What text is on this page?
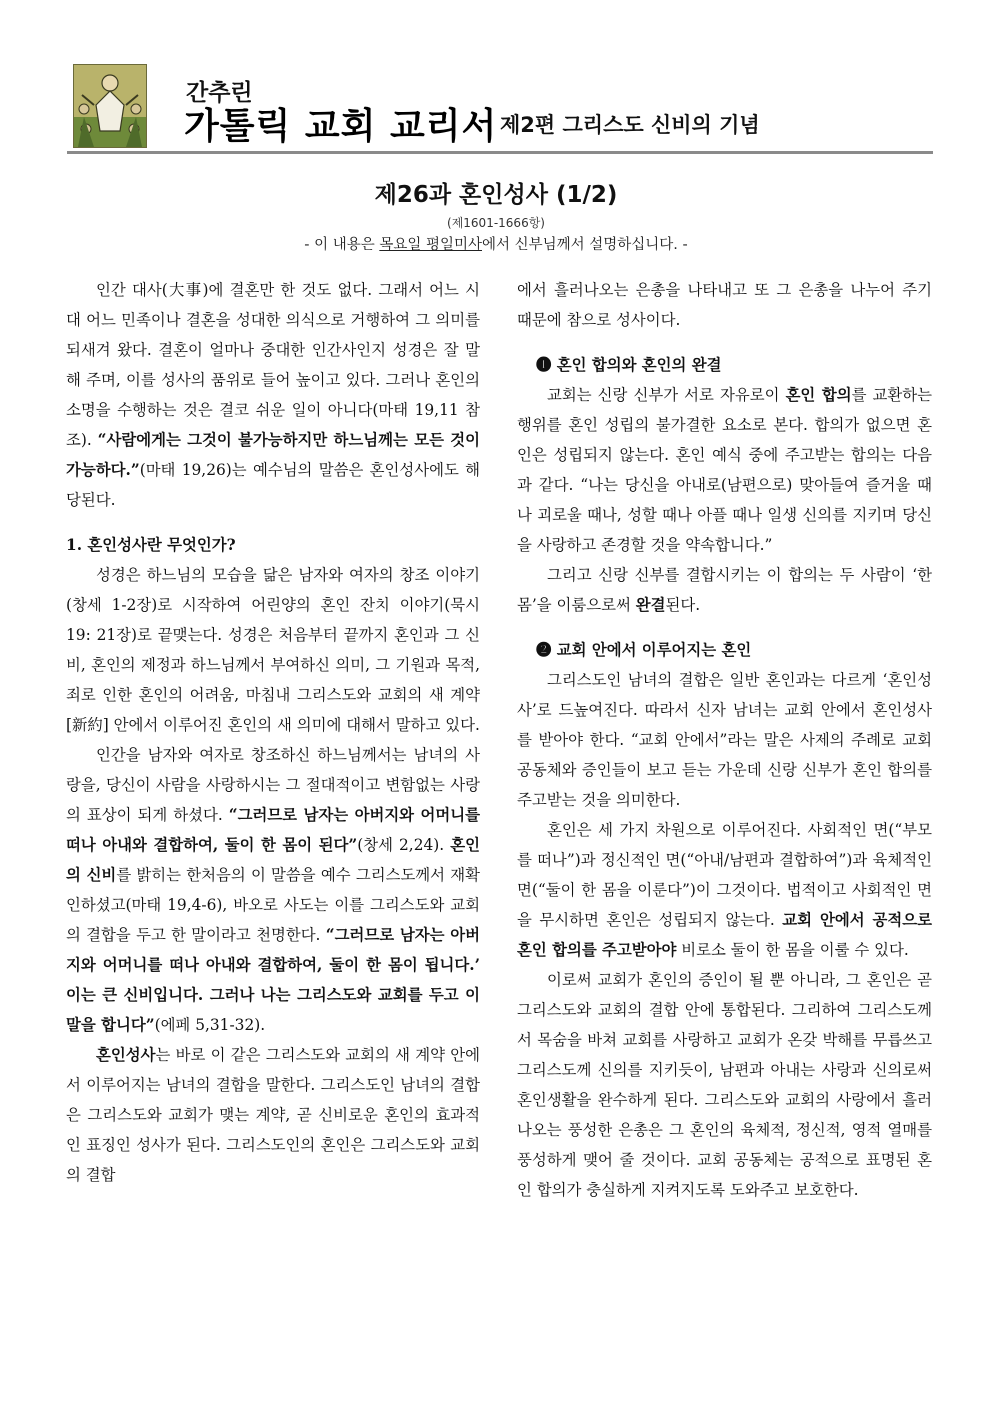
간추린
가톨릭 교회 교리서 제2편 그리스도 신비의 기념
제26과 혼인성사 (1/2)
(제1601-1666항)
- 이 내용은 목요일 평일미사에서 신부님께서 설명하십니다. -

인간 대사(大事)에 결혼만 한 것도 없다. 그래서 어느 시대 어느 민족이나 결혼을 성대한 의식으로 거행하여 그 의미를 되새겨 왔다. 결혼이 얼마나 중대한 인간사인지 성경은 잘 말해 주며, 이를 성사의 품위로 들어 높이고 있다. 그러나 혼인의 소명을 수행하는 것은 결코 쉬운 일이 아니다(마태 19,11 참조). “사람에게는 그것이 불가능하지만 하느님께는 모든 것이 가능하다.”(마태 19,26)는 예수님의 말씀은 혼인성사에도 해당된다.

1. 혼인성사란 무엇인가?

성경은 하느님의 모습을 닮은 남자와 여자의 창조 이야기(창세 1-2장)로 시작하여 어린양의 혼인 잔치 이야기(묵시 19: 21장)로 끝맺는다. 성경은 처음부터 끝까지 혼인과 그 신비, 혼인의 제정과 하느님께서 부여하신 의미, 그 기원과 목적, 죄로 인한 혼인의 어려움, 마침내 그리스도와 교회의 새 계약[新約] 안에서 이루어진 혼인의 새 의미에 대해서 말하고 있다.

인간을 남자와 여자로 창조하신 하느님께서는 남녀의 사랑을, 당신이 사람을 사랑하시는 그 절대적이고 변함없는 사랑의 표상이 되게 하셨다. “그러므로 남자는 아버지와 어머니를 떠나 아내와 결합하여, 둘이 한 몸이 된다”(창세 2,24). 혼인의 신비를 밝히는 한처음의 이 말씀을 예수 그리스도께서 재확인하셨고(마태 19,4-6), 바오로 사도는 이를 그리스도와 교회의 결합을 두고 한 말이라고 천명한다. “그러므로 남자는 아버지와 어머니를 떠나 아내와 결합하여, 둘이 한 몸이 됩니다.’ 이는 큰 신비입니다. 그러나 나는 그리스도와 교회를 두고 이 말을 합니다”(에페 5,31-32).

혼인성사는 바로 이 같은 그리스도와 교회의 새 계약 안에서 이루어지는 남녀의 결합을 말한다. 그리스도인 남녀의 결합은 그리스도와 교회가 맺는 계약, 곧 신비로운 혼인의 효과적인 표징인 성사가 된다. 그리스도인의 혼인은 그리스도와 교회의 결합

에서 흘러나오는 은총을 나타내고 또 그 은총을 나누어 주기 때문에 참으로 성사이다.

❶ 혼인 합의와 혼인의 완결

교회는 신랑 신부가 서로 자유로이 혼인 합의를 교환하는 행위를 혼인 성립의 불가결한 요소로 본다. 합의가 없으면 혼인은 성립되지 않는다. 혼인 예식 중에 주고받는 합의는 다음과 같다. “나는 당신을 아내로(남편으로) 맞아들여 즐거울 때나 괴로울 때나, 성할 때나 아플 때나 일생 신의를 지키며 당신을 사랑하고 존경할 것을 약속합니다.”

그리고 신랑 신부를 결합시키는 이 합의는 두 사람이 ‘한 몸’을 이룸으로써 완결된다.

❷ 교회 안에서 이루어지는 혼인

그리스도인 남녀의 결합은 일반 혼인과는 다르게 ‘혼인성사’로 드높여진다. 따라서 신자 남녀는 교회 안에서 혼인성사를 받아야 한다. “교회 안에서”라는 말은 사제의 주례로 교회 공동체와 증인들이 보고 듣는 가운데 신랑 신부가 혼인 합의를 주고받는 것을 의미한다.

혼인은 세 가지 차원으로 이루어진다. 사회적인 면(“부모를 떠나”)과 정신적인 면(“아내/남편과 결합하여”)과 육체적인 면(“둘이 한 몸을 이룬다”)이 그것이다. 법적이고 사회적인 면을 무시하면 혼인은 성립되지 않는다. 교회 안에서 공적으로 혼인 합의를 주고받아야 비로소 둘이 한 몸을 이룰 수 있다.

이로써 교회가 혼인의 증인이 될 뿐 아니라, 그 혼인은 곧 그리스도와 교회의 결합 안에 통합된다. 그리하여 그리스도께서 목숨을 바쳐 교회를 사랑하고 교회가 온갖 박해를 무릅쓰고 그리스도께 신의를 지키듯이, 남편과 아내는 사랑과 신의로써 혼인생활을 완수하게 된다. 그리스도와 교회의 사랑에서 흘러나오는 풍성한 은총은 그 혼인의 육체적, 정신적, 영적 열매를 풍성하게 맺어 줄 것이다. 교회 공동체는 공적으로 표명된 혼인 합의가 충실하게 지켜지도록 도와주고 보호한다.
